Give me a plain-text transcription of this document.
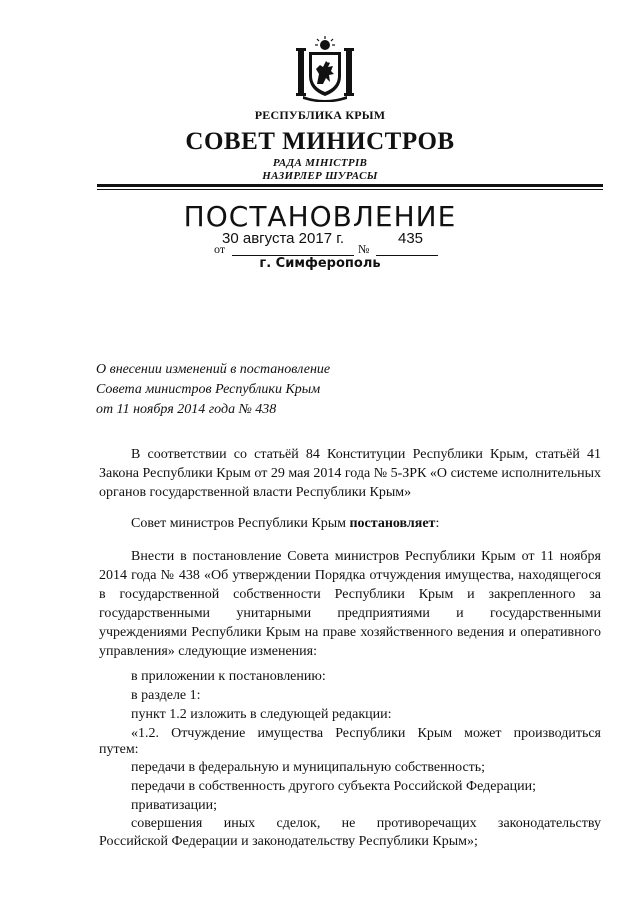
РЕСПУБЛИКА КРЫМ
СОВЕТ МИНИСТРОВ
РАДА МІНІСТРІВ
НАЗИРЛЕР ШУРАСЫ
ПОСТАНОВЛЕНИЕ
30 августа 2017 г.	435
от	№
г. Симферополь
О внесении изменений в постановление
Совета министров Республики Крым
от 11 ноября 2014 года № 438
В соответствии со статьёй 84 Конституции Республики Крым, статьёй 41 Закона Республики Крым от 29 мая 2014 года № 5-ЗРК «О системе исполнительных органов государственной власти Республики Крым»
Совет министров Республики Крым постановляет:
Внести в постановление Совета министров Республики Крым от 11 ноября 2014 года № 438 «Об утверждении Порядка отчуждения имущества, находящегося в государственной собственности Республики Крым и закрепленного за государственными унитарными предприятиями и государственными учреждениями Республики Крым на праве хозяйственного ведения и оперативного управления» следующие изменения:
в приложении к постановлению:
в разделе 1:
пункт 1.2 изложить в следующей редакции:
«1.2. Отчуждение имущества Республики Крым может производиться
путем:
передачи в федеральную и муниципальную собственность;
передачи в собственность другого субъекта Российской Федерации;
приватизации;
совершения иных сделок, не противоречащих законодательству
Российской Федерации и законодательству Республики Крым»;
